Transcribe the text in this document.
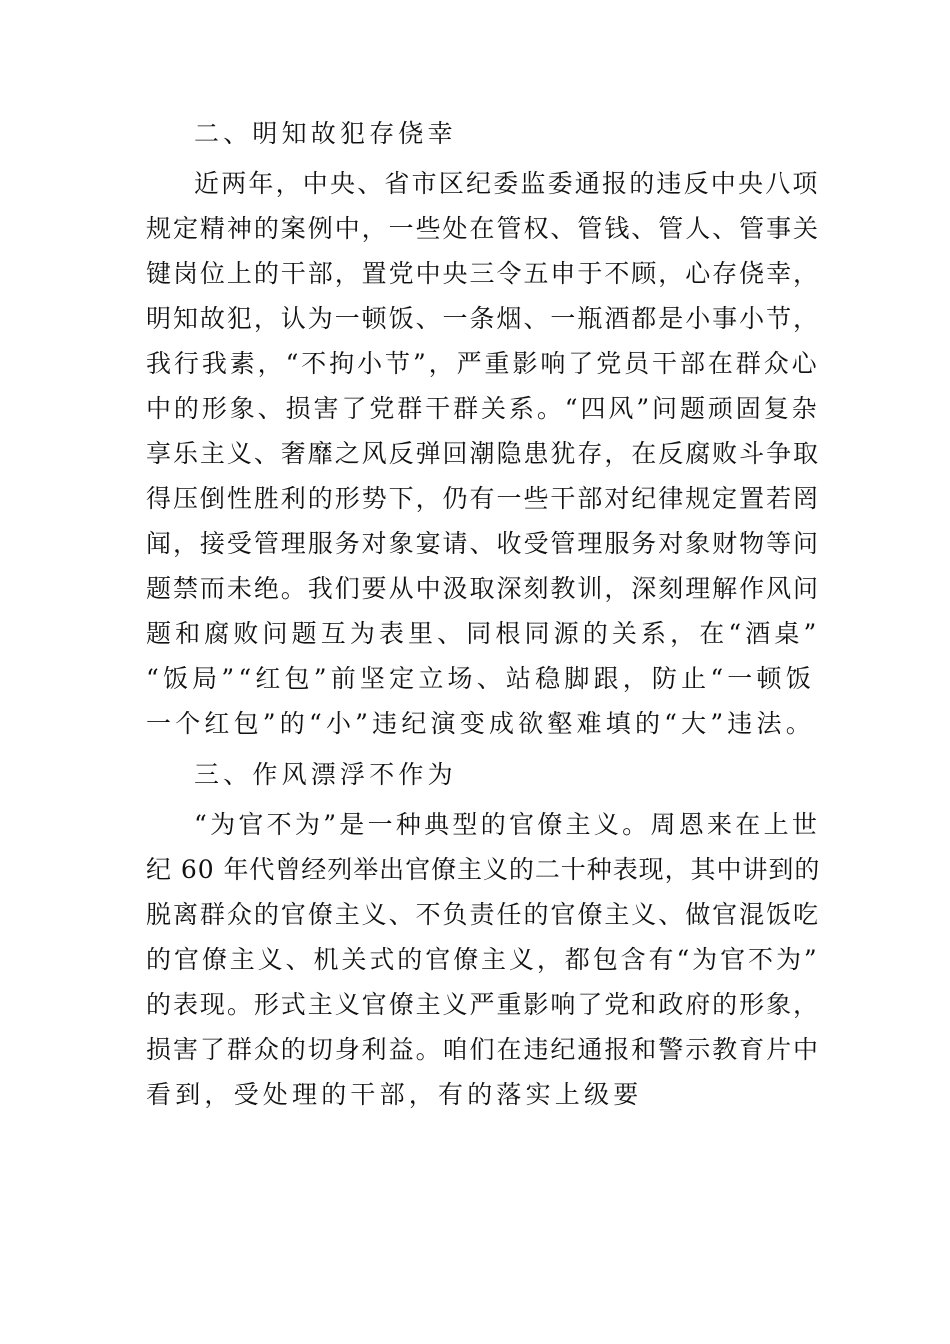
二、明知故犯存侥幸
近两年，中央、省市区纪委监委通报的违反中央八项
规定精神的案例中，一些处在管权、管钱、管人、管事关
键岗位上的干部，置党中央三令五申于不顾，心存侥幸，
明知故犯，认为一顿饭、一条烟、一瓶酒都是小事小节，
我行我素，“不拘小节”，严重影响了党员干部在群众心
中的形象、损害了党群干群关系。“四风”问题顽固复杂
享乐主义、奢靡之风反弹回潮隐患犹存，在反腐败斗争取
得压倒性胜利的形势下，仍有一些干部对纪律规定置若罔
闻，接受管理服务对象宴请、收受管理服务对象财物等问
题禁而未绝。我们要从中汲取深刻教训，深刻理解作风问
题和腐败问题互为表里、同根同源的关系，在“酒桌”
“饭局”“红包”前坚定立场、站稳脚跟，防止“一顿饭
一个红包”的“小”违纪演变成欲壑难填的“大”违法。
三、作风漂浮不作为
“为官不为”是一种典型的官僚主义。周恩来在上世
纪 60 年代曾经列举出官僚主义的二十种表现，其中讲到的
脱离群众的官僚主义、不负责任的官僚主义、做官混饭吃
的官僚主义、机关式的官僚主义，都包含有“为官不为”
的表现。形式主义官僚主义严重影响了党和政府的形象，
损害了群众的切身利益。咱们在违纪通报和警示教育片中
看到，受处理的干部，有的落实上级要
